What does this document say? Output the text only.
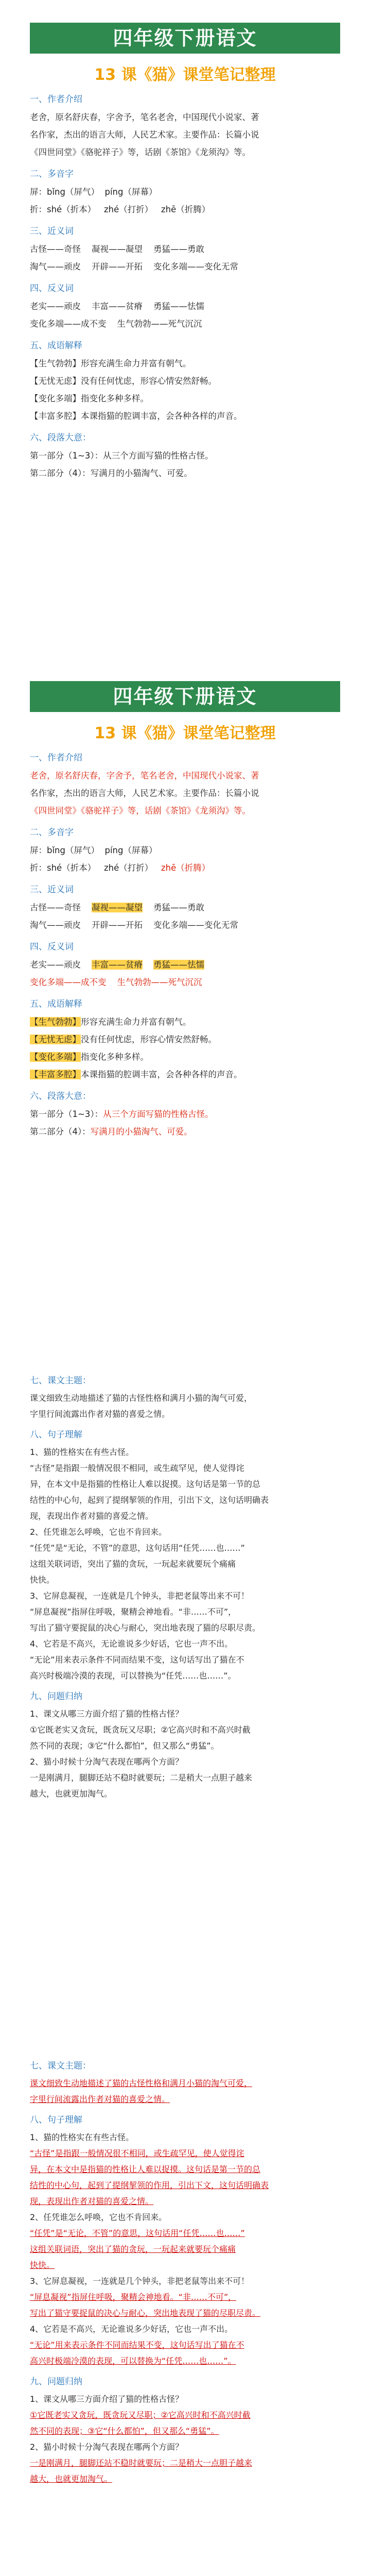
四年级下册语文
13 课《猫》课堂笔记整理
一、作者介绍

老舍，原名舒庆春，字舍予，笔名老舍，中国现代小说家、著

名作家，杰出的语言大师，人民艺术家。主要作品：长篇小说

《四世同堂》《骆驼祥子》等，话剧《茶馆》《龙须沟》等。

二、多音字

屏：bǐng（屏气） píng（屏幕）

折：shé（折本） zhé（打折） zhē（折腾）

三、近义词

古怪——奇怪 凝视——凝望 勇猛——勇敢

淘气——顽皮 开辟——开拓 变化多端——变化无常

四、反义词

老实——顽皮 丰富——贫瘠 勇猛——怯懦

变化多端——成不变 生气勃勃——死气沉沉

五、成语解释

【生气勃勃】形容充满生命力并富有朝气。

【无忧无虑】没有任何忧虑，形容心情安然舒畅。

【变化多端】指变化多种多样。

【丰富多腔】本课指猫的腔调丰富，会各种各样的声音。

六、段落大意：

第一部分（1~3）：从三个方面写猫的性格古怪。

第二部分（4）：写满月的小猫淘气、可爱。

四年级下册语文
13 课《猫》课堂笔记整理
一、作者介绍

老舍，原名舒庆春，字舍予，笔名老舍，中国现代小说家、著

名作家，杰出的语言大师，人民艺术家。主要作品：长篇小说

《四世同堂》《骆驼祥子》等，话剧《茶馆》《龙须沟》等。

二、多音字

屏：bǐng（屏气） píng（屏幕）

折：shé（折本） zhé（打折） zhē（折腾）

三、近义词

古怪——奇怪 凝视——凝望 勇猛——勇敢

淘气——顽皮 开辟——开拓 变化多端——变化无常

四、反义词

老实——顽皮 丰富——贫瘠 勇猛——怯懦

变化多端——成不变 生气勃勃——死气沉沉

五、成语解释

【生气勃勃】形容充满生命力并富有朝气。

【无忧无虑】没有任何忧虑，形容心情安然舒畅。

【变化多端】指变化多种多样。

【丰富多腔】本课指猫的腔调丰富，会各种各样的声音。

六、段落大意：

第一部分（1~3）：从三个方面写猫的性格古怪。

第二部分（4）：写满月的小猫淘气、可爱。

七、课文主题：

课文细致生动地描述了猫的古怪性格和满月小猫的淘气可爱，

字里行间流露出作者对猫的喜爱之情。

八、句子理解

1、猫的性格实在有些古怪。

“古怪”是指跟一般情况很不相同，或生疏罕见，使人觉得诧

异，在本文中是指猫的性格让人难以捉摸。这句话是第一节的总

结性的中心句，起到了提纲挈领的作用，引出下文，这句话明确表

现，表现出作者对猫的喜爱之情。

2、任凭谁怎么呼唤，它也不肯回来。

“任凭”是“无论，不管”的意思，这句话用“任凭……也……”

这组关联词语，突出了猫的贪玩，一玩起来就要玩个痛痛

快快。

3、它屏息凝视，一连就是几个钟头，非把老鼠等出来不可！

“屏息凝视”指屏住呼吸，聚精会神地看。“非……不可”，

写出了猫守要捉鼠的决心与耐心，突出地表现了猫的尽职尽责。

4、它若是不高兴，无论谁说多少好话，它也一声不出。

“无论”用来表示条件不同而结果不变，这句话写出了猫在不

高兴时极端冷漠的表现，可以替换为“任凭……也……”。

九、问题归纳

1、课文从哪三方面介绍了猫的性格古怪？

①它既老实又贪玩，既贪玩又尽职；②它高兴时和不高兴时截

然不同的表现；③它“什么都怕”，但又那么“勇猛”。

2、猫小时候十分淘气表现在哪两个方面？

一是刚满月，腿脚还站不稳时就要玩；二是稍大一点胆子越来

越大，也就更加淘气。

七、课文主题：

课文细致生动地描述了猫的古怪性格和满月小猫的淘气可爱，

字里行间流露出作者对猫的喜爱之情。

八、句子理解

1、猫的性格实在有些古怪。

“古怪”是指跟一般情况很不相同，或生疏罕见，使人觉得诧

异，在本文中是指猫的性格让人难以捉摸。这句话是第一节的总

结性的中心句，起到了提纲挈领的作用，引出下文，这句话明确表

现，表现出作者对猫的喜爱之情。

2、任凭谁怎么呼唤，它也不肯回来。

“任凭”是“无论，不管”的意思，这句话用“任凭……也……”

这组关联词语，突出了猫的贪玩，一玩起来就要玩个痛痛

快快。

3、它屏息凝视，一连就是几个钟头，非把老鼠等出来不可！

“屏息凝视”指屏住呼吸，聚精会神地看。“非……不可”，

写出了猫守要捉鼠的决心与耐心，突出地表现了猫的尽职尽责。

4、它若是不高兴，无论谁说多少好话，它也一声不出。

“无论”用来表示条件不同而结果不变，这句话写出了猫在不

高兴时极端冷漠的表现，可以替换为“任凭……也……”。

九、问题归纳

1、课文从哪三方面介绍了猫的性格古怪？

①它既老实又贪玩，既贪玩又尽职；②它高兴时和不高兴时截

然不同的表现；③它“什么都怕”，但又那么“勇猛”。

2、猫小时候十分淘气表现在哪两个方面？

一是刚满月，腿脚还站不稳时就要玩；二是稍大一点胆子越来

越大，也就更加淘气。
